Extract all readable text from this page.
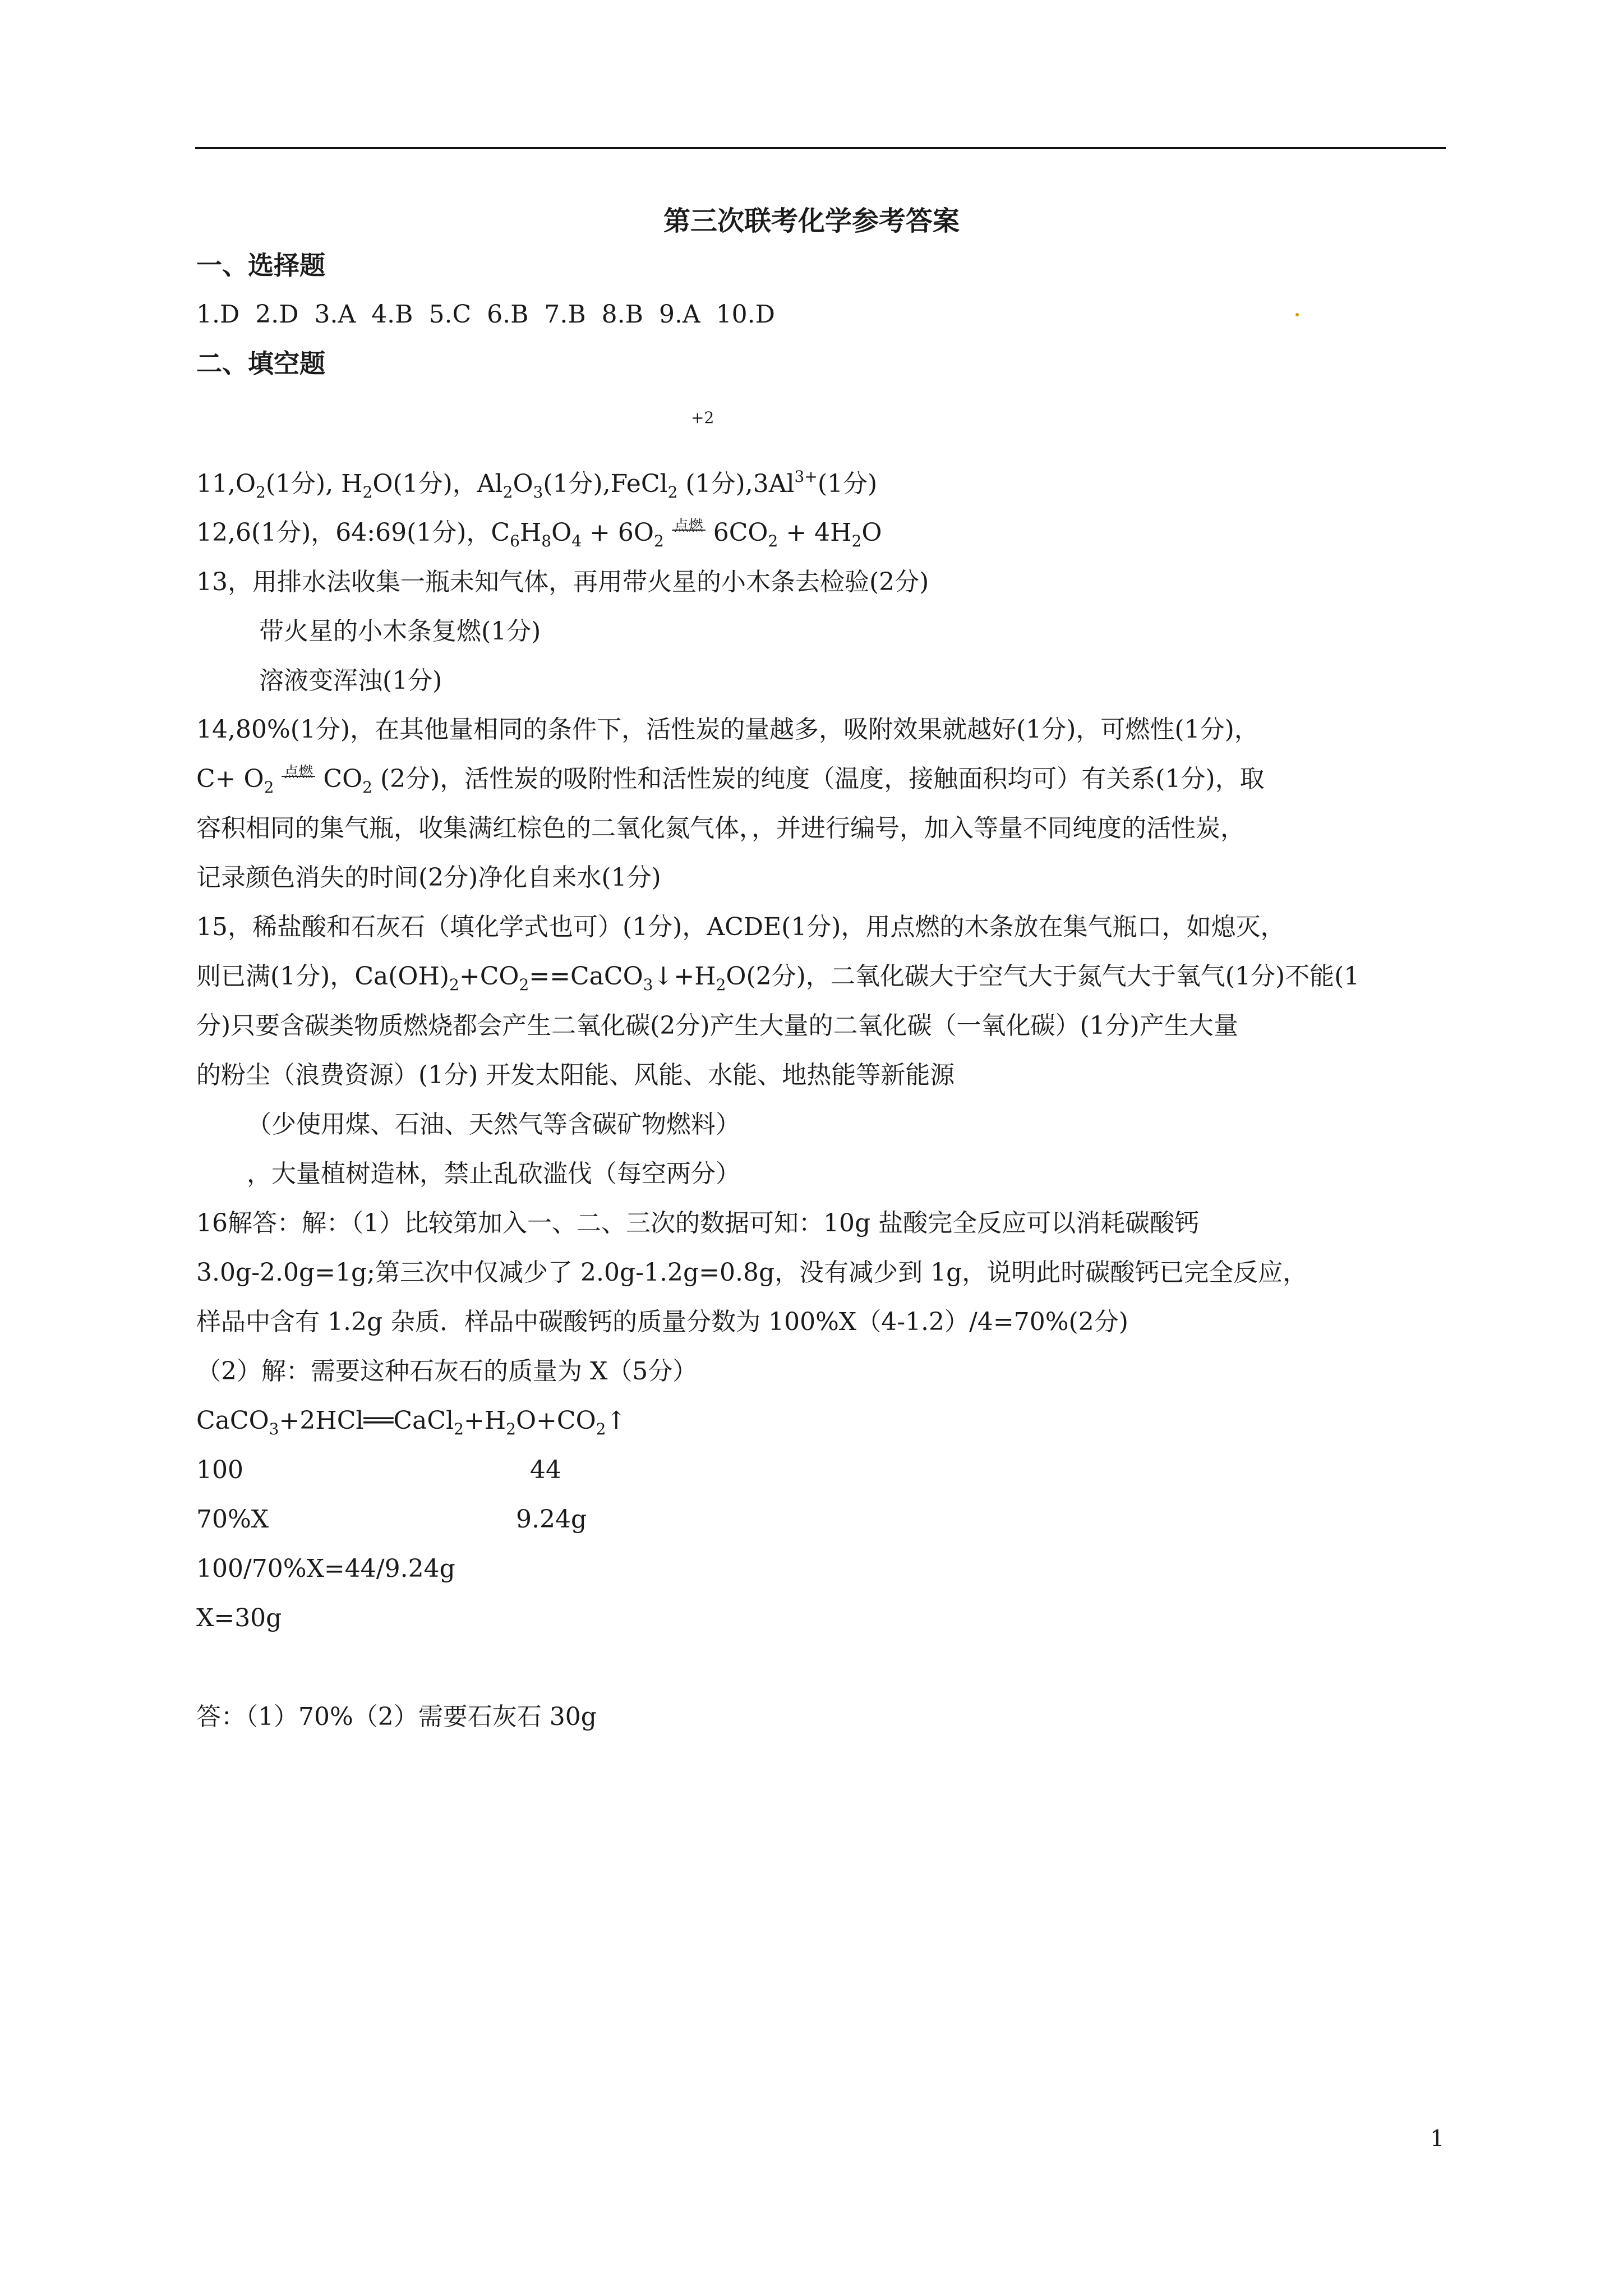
第三次联考化学参考答案
一、选择题
1.D  2.D  3.A  4.B  5.C  6.B  7.B  8.B  9.A  10.D
二、填空题
+2
$11,O_2(1$分), $H_2O(1$分)，$Al_2O_3(1$分),FeCl$_2$ (1分)$,3Al^{3+}(1$分)
12,6(1分)，64:69(1分)，$C_6H_8O_4 + 6O_2$ 点燃 $6CO_2 + 4H_2O$
13，用排水法收集一瓶未知气体，再用带火星的小木条去检验(2分)
带火星的小木条复燃(1分)
溶液变浑浊(1分)
14,80%(1分)，在其他量相同的条件下，活性炭的量越多，吸附效果就越好(1分)，可燃性(1分)，
$C+ O_2$ 点燃 $CO_2$ (2分)，活性炭的吸附性和活性炭的纯度（温度，接触面积均可）有关系(1分)，取
容积相同的集气瓶，收集满红棕色的二氧化氮气体，，并进行编号，加入等量不同纯度的活性炭，
记录颜色消失的时间(2分)净化自来水(1分)
15，稀盐酸和石灰石（填化学式也可）(1分)，ACDE(1分)，用点燃的木条放在集气瓶口，如熄灭，
则已满(1分)，$Ca(OH)_2+CO_2==CaCO_3↓+H_2O(2$分)，二氧化碳大于空气大于氮气大于氧气(1分)不能(1
分)只要含碳类物质燃烧都会产生二氧化碳(2分)产生大量的二氧化碳（一氧化碳）(1分)产生大量
的粉尘（浪费资源）(1分) 开发太阳能、风能、水能、地热能等新能源
（少使用煤、石油、天然气等含碳矿物燃料）
，大量植树造林，禁止乱砍滥伐（每空两分）
16解答：解：（1）比较第加入一、二、三次的数据可知：10g 盐酸完全反应可以消耗碳酸钙
3.0g-2.0g=1g;第三次中仅减少了 2.0g-1.2g=0.8g，没有减少到 1g，说明此时碳酸钙已完全反应，
样品中含有 1.2g 杂质．样品中碳酸钙的质量分数为 100%X（4-1.2）/4=70%(2分)
（2）解：需要这种石灰石的质量为 X（5分）
$CaCO_3+2HCl══CaCl_2+H_2O+CO_2↑$
100	44
70%X	9.24g
100/70%X=44/9.24g
X=30g
答：（1）70%（2）需要石灰石 30g
1
